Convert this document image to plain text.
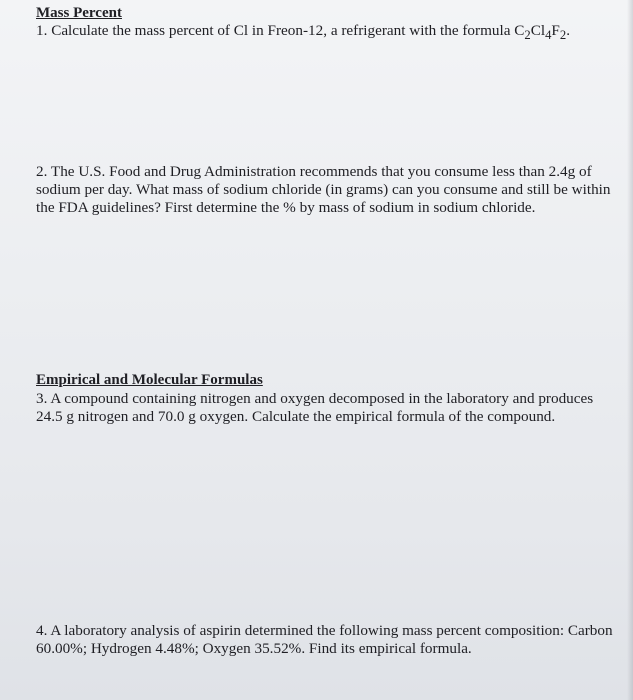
Mass Percent

1. Calculate the mass percent of Cl in Freon-12, a refrigerant with the formula $C_2Cl_4F_2$.

2. The U.S. Food and Drug Administration recommends that you consume less than 2.4g of sodium per day. What mass of sodium chloride (in grams) can you consume and still be within the FDA guidelines? First determine the % by mass of sodium in sodium chloride.

Empirical and Molecular Formulas

3. A compound containing nitrogen and oxygen decomposed in the laboratory and produces 24.5 g nitrogen and 70.0 g oxygen. Calculate the empirical formula of the compound.

4. A laboratory analysis of aspirin determined the following mass percent composition: Carbon 60.00%; Hydrogen 4.48%; Oxygen 35.52%. Find its empirical formula.
